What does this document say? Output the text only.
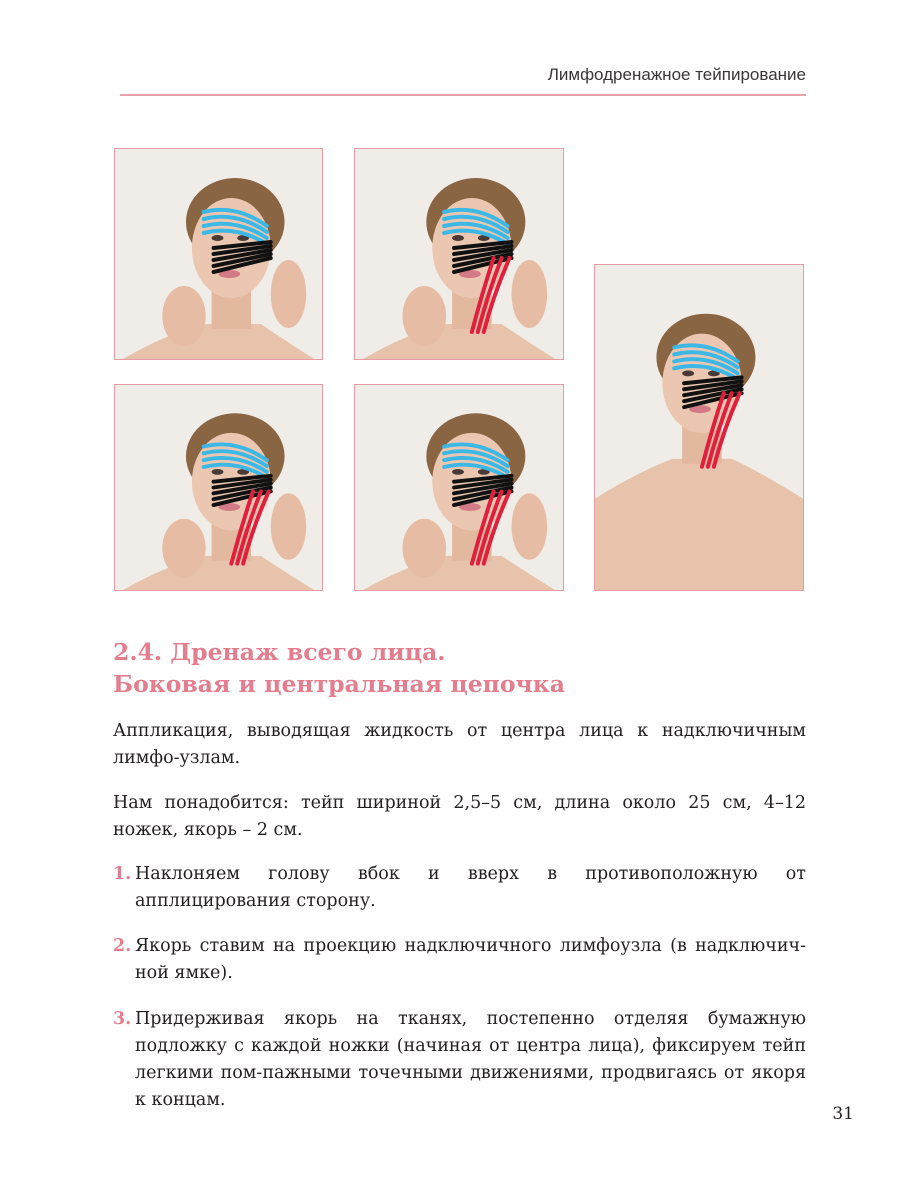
Лимфодренажное тейпирование
2.4. Дренаж всего лица.
Боковая и центральная цепочка

Аппликация, выводящая жидкость от центра лица к надключичным лимфо-узлам.

Нам понадобится: тейп шириной 2,5–5 см, длина около 25 см, 4–12 ножек, якорь – 2 см.

1. Наклоняем голову вбок и вверх в противоположную от апплицирования сторону.

2. Якорь ставим на проекцию надключичного лимфоузла (в надключич-ной ямке).

3. Придерживая якорь на тканях, постепенно отделяя бумажную подложку с каждой ножки (начиная от центра лица), фиксируем тейп легкими пом-пажными точечными движениями, продвигаясь от якоря к концам.

31
